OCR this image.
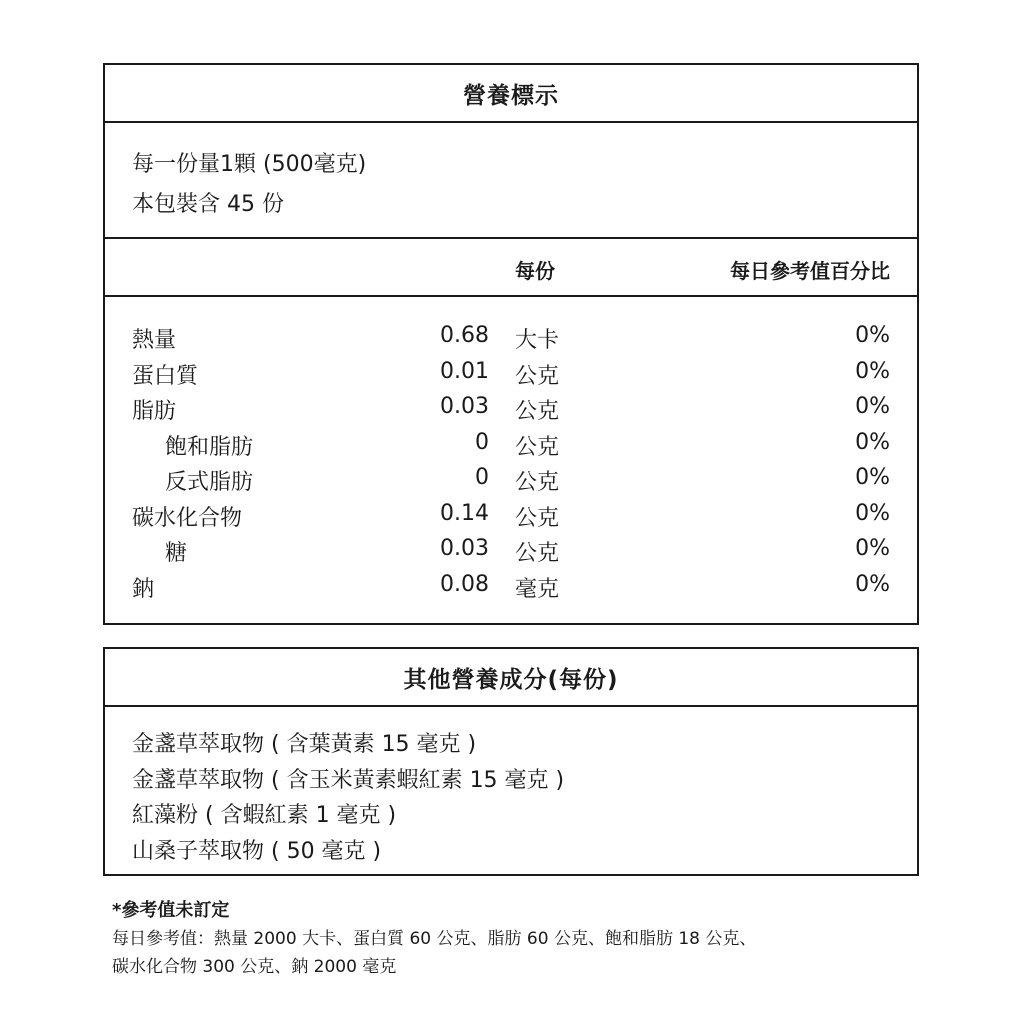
營養標示
每一份量1顆 (500毫克)
本包裝含 45 份
每份	每日參考值百分比
熱量	0.68 大卡	0%
蛋白質	0.01 公克	0%
脂肪	0.03 公克	0%
飽和脂肪	0 公克	0%
反式脂肪	0 公克	0%
碳水化合物	0.14 公克	0%
糖	0.03 公克	0%
鈉	0.08 毫克	0%
其他營養成分(每份)
金盞草萃取物 ( 含葉黃素 15 毫克 )
金盞草萃取物 ( 含玉米黃素蝦紅素 15 毫克 )
紅藻粉 ( 含蝦紅素 1 毫克 )
山桑子萃取物 ( 50 毫克 )
*參考值未訂定
每日參考值：熱量 2000 大卡、蛋白質 60 公克、脂肪 60 公克、飽和脂肪 18 公克、
碳水化合物 300 公克、鈉 2000 毫克
